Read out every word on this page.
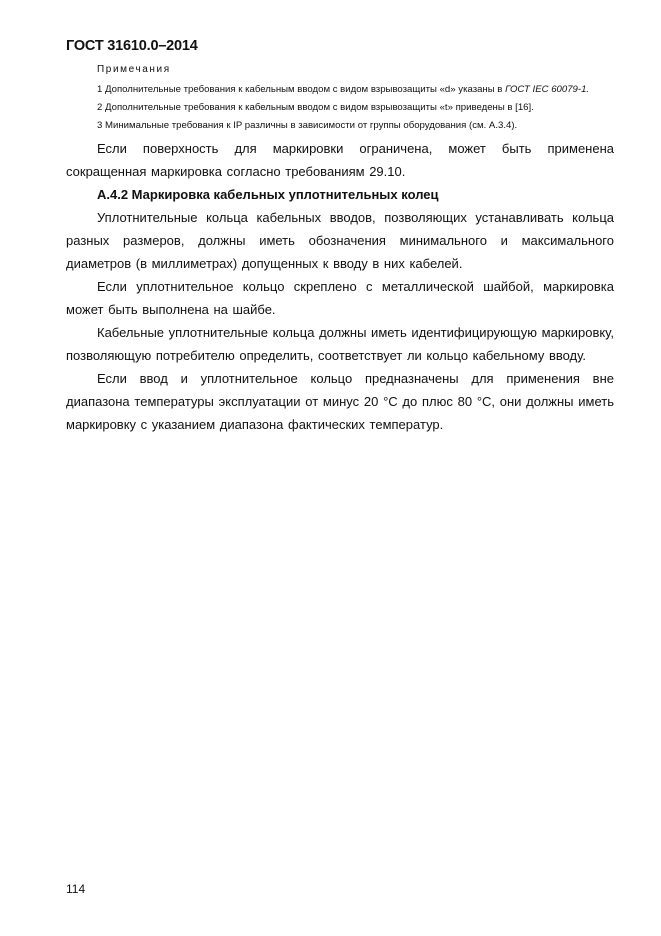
ГОСТ 31610.0–2014

Примечания

1 Дополнительные требования к кабельным вводом с видом взрывозащиты «d» указаны в ГОСТ IEC 60079-1.

2 Дополнительные требования к кабельным вводом с видом взрывозащиты «t» приведены в [16].

3 Минимальные требования к IP различны в зависимости от группы оборудования (см. А.3.4).

Если поверхность для маркировки ограничена, может быть применена сокращенная маркировка согласно требованиям 29.10.

А.4.2 Маркировка кабельных уплотнительных колец

Уплотнительные кольца кабельных вводов, позволяющих устанавливать кольца разных размеров, должны иметь обозначения минимального и максимального диаметров (в миллиметрах) допущенных к вводу в них кабелей.

Если уплотнительное кольцо скреплено с металлической шайбой, маркировка может быть выполнена на шайбе.

Кабельные уплотнительные кольца должны иметь идентифицирующую маркировку, позволяющую потребителю определить, соответствует ли кольцо кабельному вводу.

Если ввод и уплотнительное кольцо предназначены для применения вне диапазона температуры эксплуатации от минус 20 °С до плюс 80 °С, они должны иметь маркировку с указанием диапазона фактических температур.

114
